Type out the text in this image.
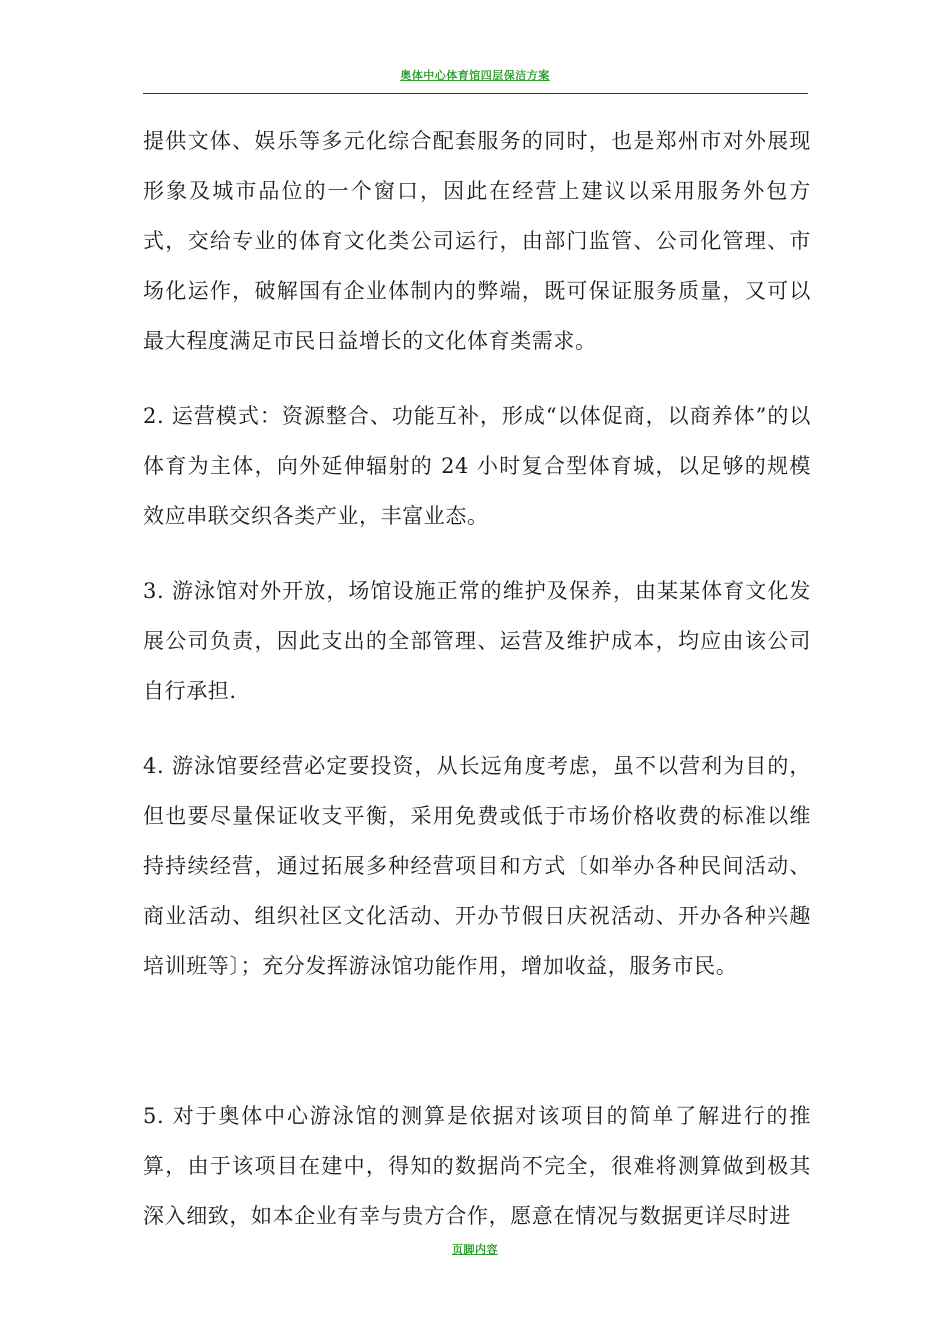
奥体中心体育馆四层保洁方案

提供文体、娱乐等多元化综合配套服务的同时，也是郑州市对外展现形象及城市品位的一个窗口，因此在经营上建议以采用服务外包方式，交给专业的体育文化类公司运行，由部门监管、公司化管理、市场化运作，破解国有企业体制内的弊端，既可保证服务质量，又可以最大程度满足市民日益增长的文化体育类需求。

2. 运营模式：资源整合、功能互补，形成“以体促商，以商养体”的以体育为主体，向外延伸辐射的 24 小时复合型体育城，以足够的规模效应串联交织各类产业，丰富业态。

3. 游泳馆对外开放，场馆设施正常的维护及保养，由某某体育文化发展公司负责，因此支出的全部管理、运营及维护成本，均应由该公司自行承担.

4. 游泳馆要经营必定要投资，从长远角度考虑，虽不以营利为目的，但也要尽量保证收支平衡，采用免费或低于市场价格收费的标准以维持持续经营，通过拓展多种经营项目和方式〔如举办各种民间活动、商业活动、组织社区文化活动、开办节假日庆祝活动、开办各种兴趣培训班等〕；充分发挥游泳馆功能作用，增加收益，服务市民。

5. 对于奥体中心游泳馆的测算是依据对该项目的简单了解进行的推算，由于该项目在建中，得知的数据尚不完全，很难将测算做到极其深入细致，如本企业有幸与贵方合作，愿意在情况与数据更详尽时进

页脚内容
